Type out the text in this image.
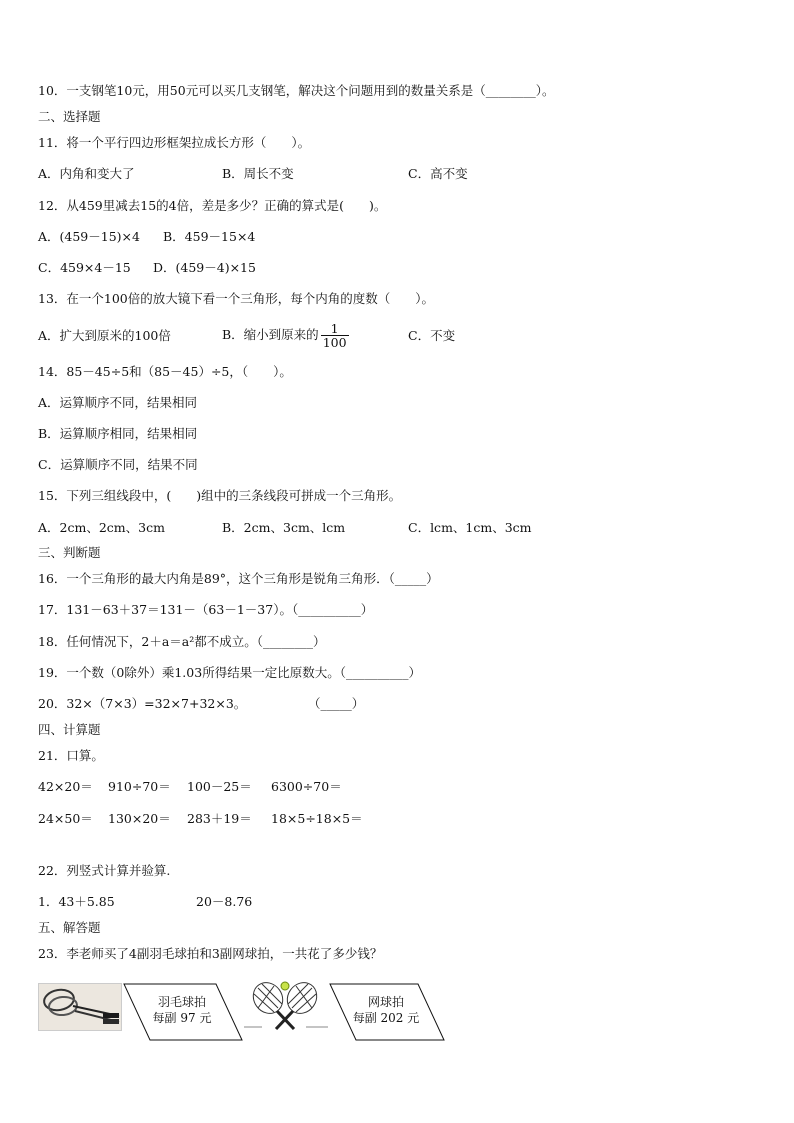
10．一支钢笔10元，用50元可以买几支钢笔，解决这个问题用到的数量关系是（________）。
二、选择题
11．将一个平行四边形框架拉成长方形（　　）。
A．内角和变大了	B．周长不变	C．高不变
12．从459里减去15的4倍，差是多少？正确的算式是(　　)。
A．(459－15)×4 B．459－15×4
C．459×4－15 D．(459－4)×15
13．在一个100倍的放大镜下看一个三角形，每个内角的度数（　　）。
A．扩大到原米的100倍	B．缩小到原来的 $\frac{1}{100}$	C．不变
14．85－45÷5和（85－45）÷5，（　　）。
A．运算顺序不同，结果相同
B．运算顺序相同，结果相同
C．运算顺序不同，结果不同
15．下列三组线段中，(　　)组中的三条线段可拼成一个三角形。
A．2cm、2cm、3cm	B．2cm、3cm、lcm	C．lcm、1cm、3cm
三、判断题
16．一个三角形的最大内角是89°，这个三角形是锐角三角形．（_____）
17．131－63＋37＝131－（63－1－37）。（__________）
18．任何情况下，2＋a＝a²都不成立。（________）
19．一个数（0除外）乘1.03所得结果一定比原数大。（__________）
20．32×（7×3）=32×7+32×3。	（_____）
四、计算题
21．口算。
42×20＝ 910÷70＝ 100－25＝ 6300÷70＝
24×50＝ 130×20＝ 283＋19＝ 18×5÷18×5＝
22．列竖式计算并验算.
1．43＋5.85	20－8.76
五、解答题
23．李老师买了4副羽毛球拍和3副网球拍，一共花了多少钱？
羽毛球拍
每副 97 元
网球拍
每副 202 元
